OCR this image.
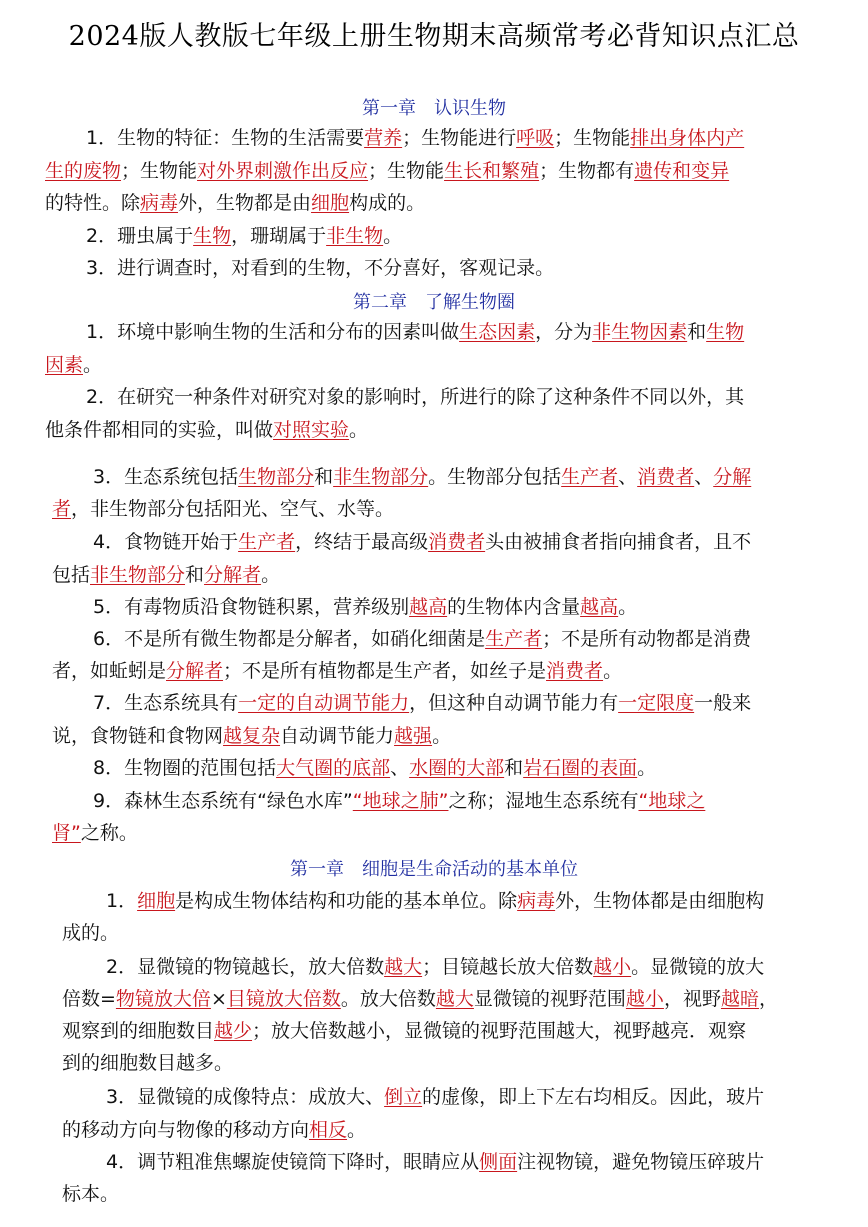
2024版人教版七年级上册生物期末高频常考必背知识点汇总
第一章　认识生物
第二章　了解生物圈
第一章　细胞是生命活动的基本单位
1．生物的特征：生物的生活需要营养；生物能进行呼吸；生物能排出身体内产
生的废物；生物能对外界刺激作出反应；生物能生长和繁殖；生物都有遗传和变异
的特性。除病毒外，生物都是由细胞构成的。
2．珊虫属于生物，珊瑚属于非生物。
3．进行调查时，对看到的生物，不分喜好，客观记录。
1．环境中影响生物的生活和分布的因素叫做生态因素，分为非生物因素和生物
因素。
2．在研究一种条件对研究对象的影响时，所进行的除了这种条件不同以外，其
他条件都相同的实验，叫做对照实验。
3．生态系统包括生物部分和非生物部分。生物部分包括生产者、消费者、分解
者，非生物部分包括阳光、空气、水等。
4．食物链开始于生产者，终结于最高级消费者头由被捕食者指向捕食者，且不
包括非生物部分和分解者。
5．有毒物质沿食物链积累，营养级别越高的生物体内含量越高。
6．不是所有微生物都是分解者，如硝化细菌是生产者；不是所有动物都是消费
者，如蚯蚓是分解者；不是所有植物都是生产者，如丝子是消费者。
7．生态系统具有一定的自动调节能力，但这种自动调节能力有一定限度一般来
说，食物链和食物网越复杂自动调节能力越强。
8．生物圈的范围包括大气圈的底部、水圈的大部和岩石圈的表面。
9．森林生态系统有“绿色水库”“地球之肺”之称；湿地生态系统有“地球之
肾”之称。
1．细胞是构成生物体结构和功能的基本单位。除病毒外，生物体都是由细胞构
成的。
2．显微镜的物镜越长，放大倍数越大；目镜越长放大倍数越小。显微镜的放大
倍数=物镜放大倍×目镜放大倍数。放大倍数越大显微镜的视野范围越小，视野越暗，
观察到的细胞数目越少；放大倍数越小，显微镜的视野范围越大，视野越亮．观察
到的细胞数目越多。
3．显微镜的成像特点：成放大、倒立的虚像，即上下左右均相反。因此，玻片
的移动方向与物像的移动方向相反。
4．调节粗准焦螺旋使镜筒下降时，眼睛应从侧面注视物镜，避免物镜压碎玻片
标本。
